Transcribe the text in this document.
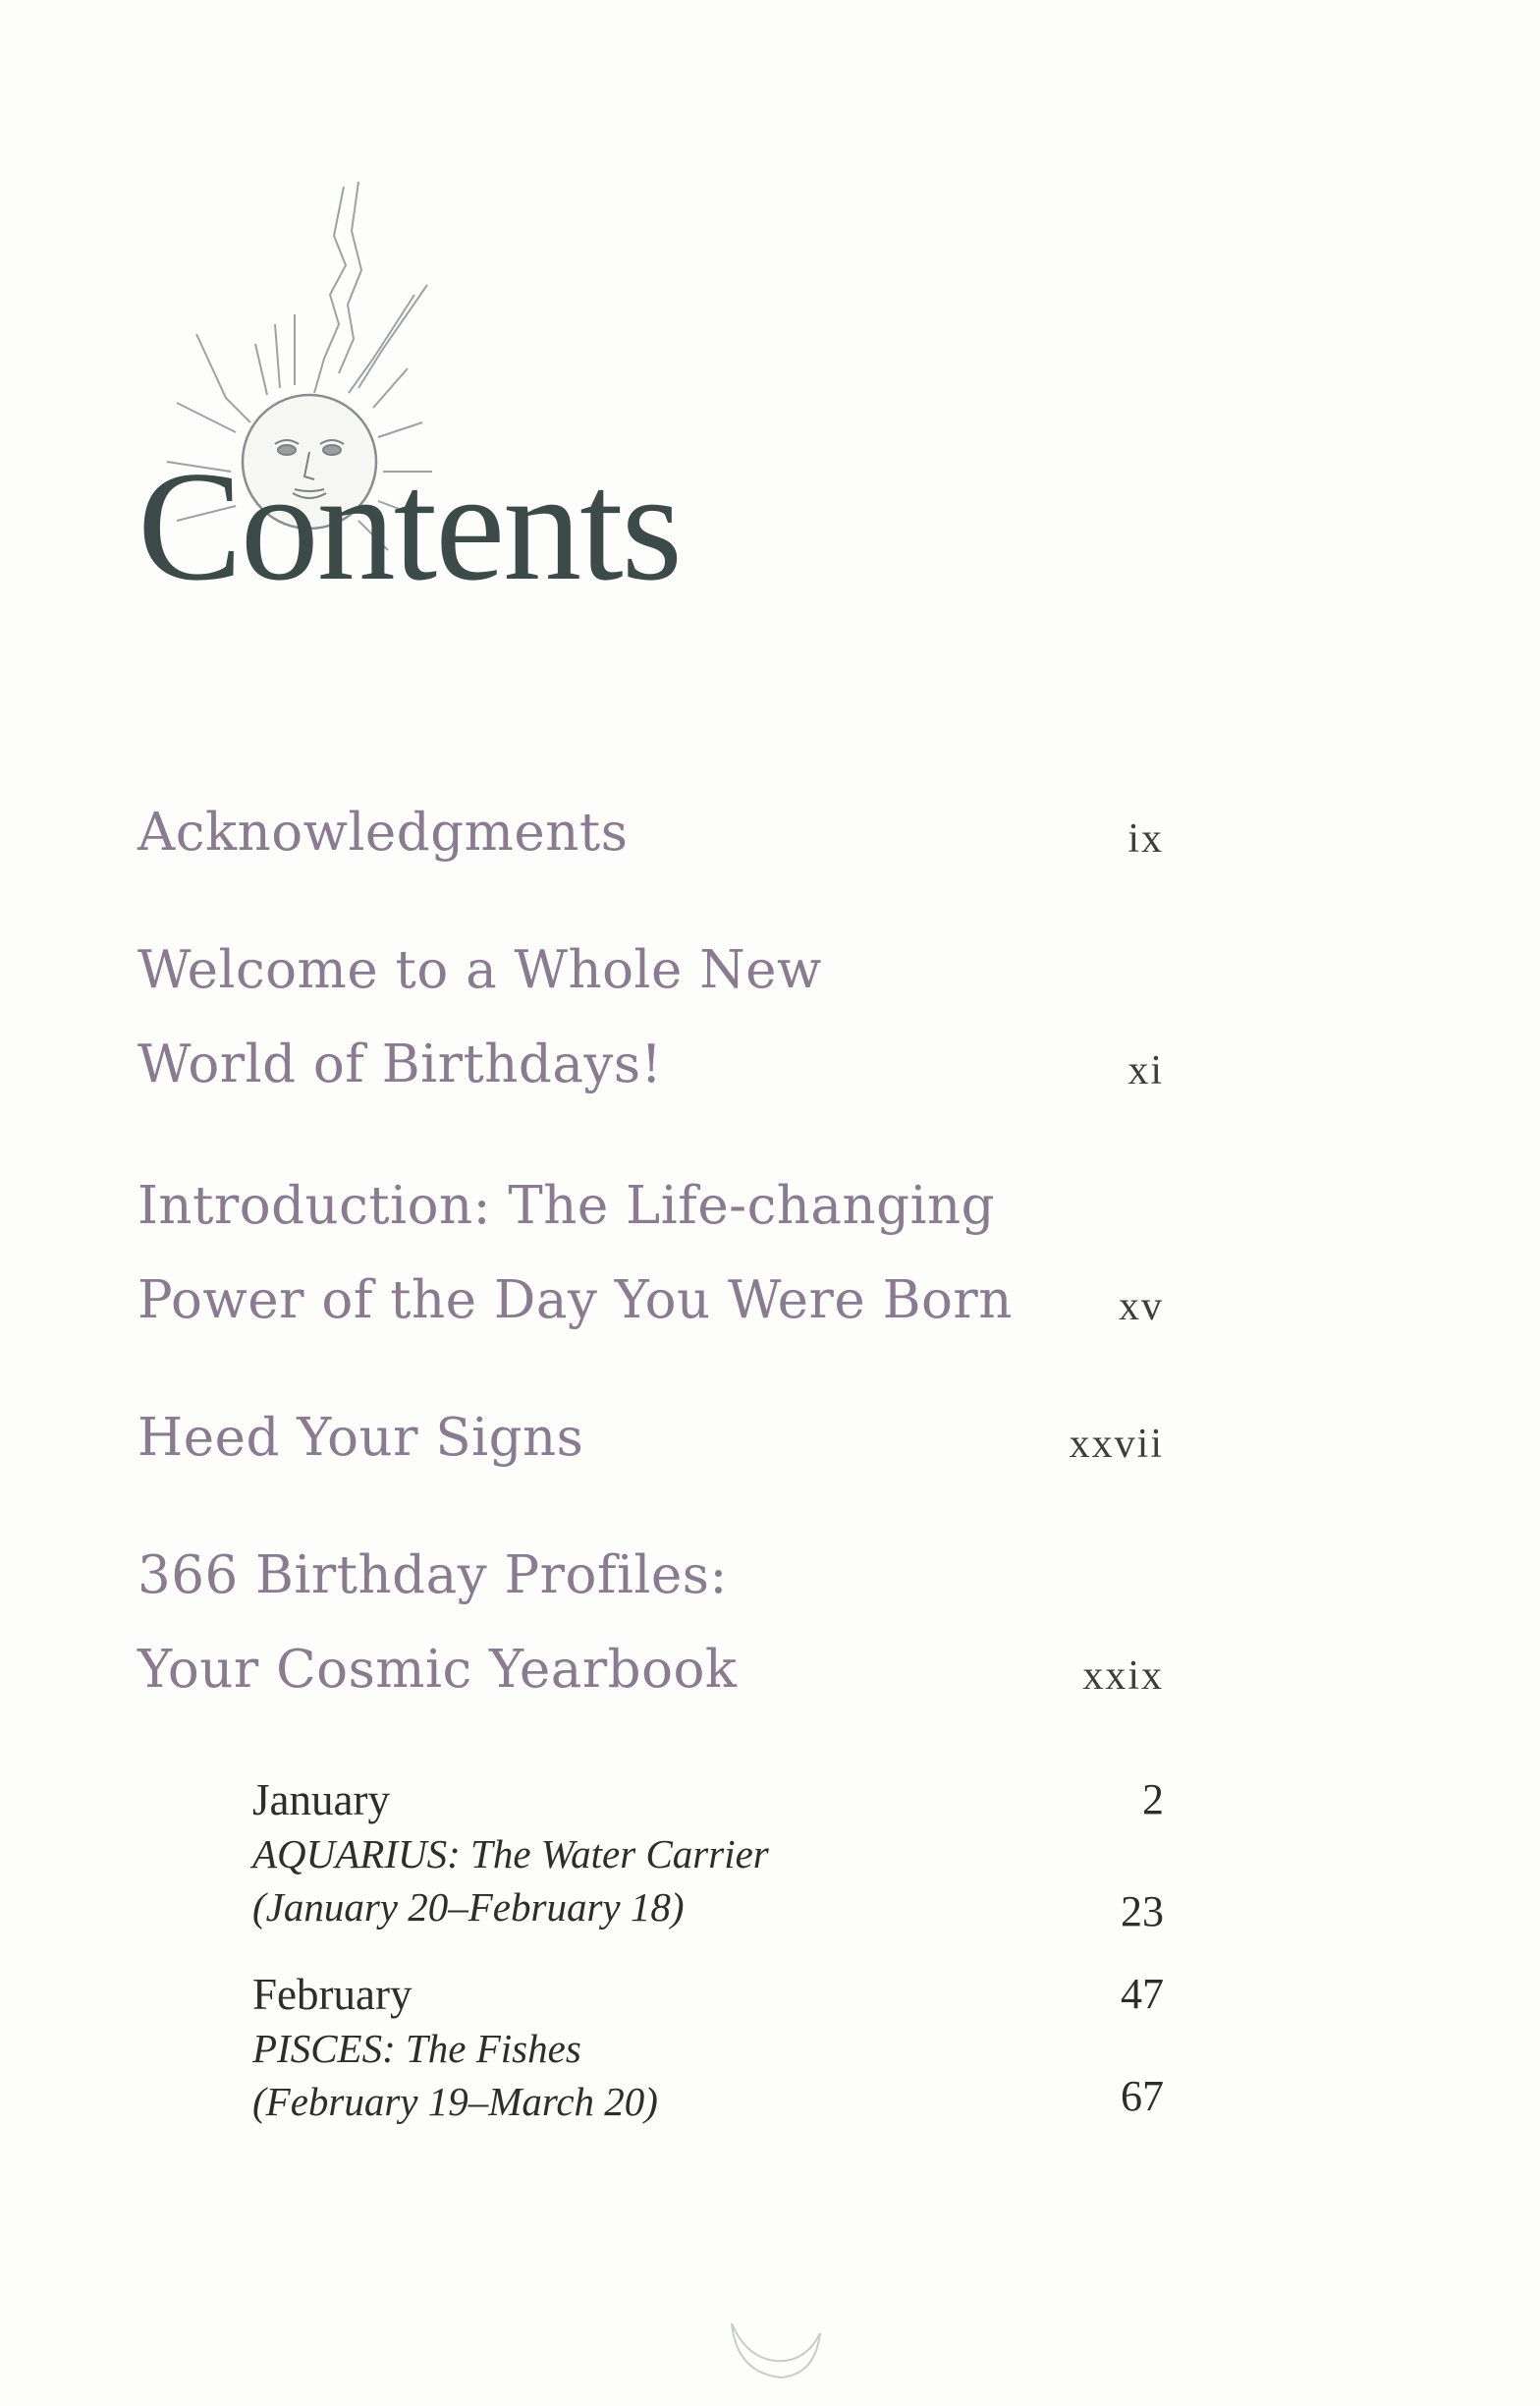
Contents
Acknowledgments	ix
Welcome to a Whole New
World of Birthdays!	xi
Introduction: The Life-changing
Power of the Day You Were Born	xv
Heed Your Signs	xxvii
366 Birthday Profiles:
Your Cosmic Yearbook	xxix
January	2
AQUARIUS: The Water Carrier
(January 20–February 18)	23
February	47
PISCES: The Fishes
(February 19–March 20)	67
